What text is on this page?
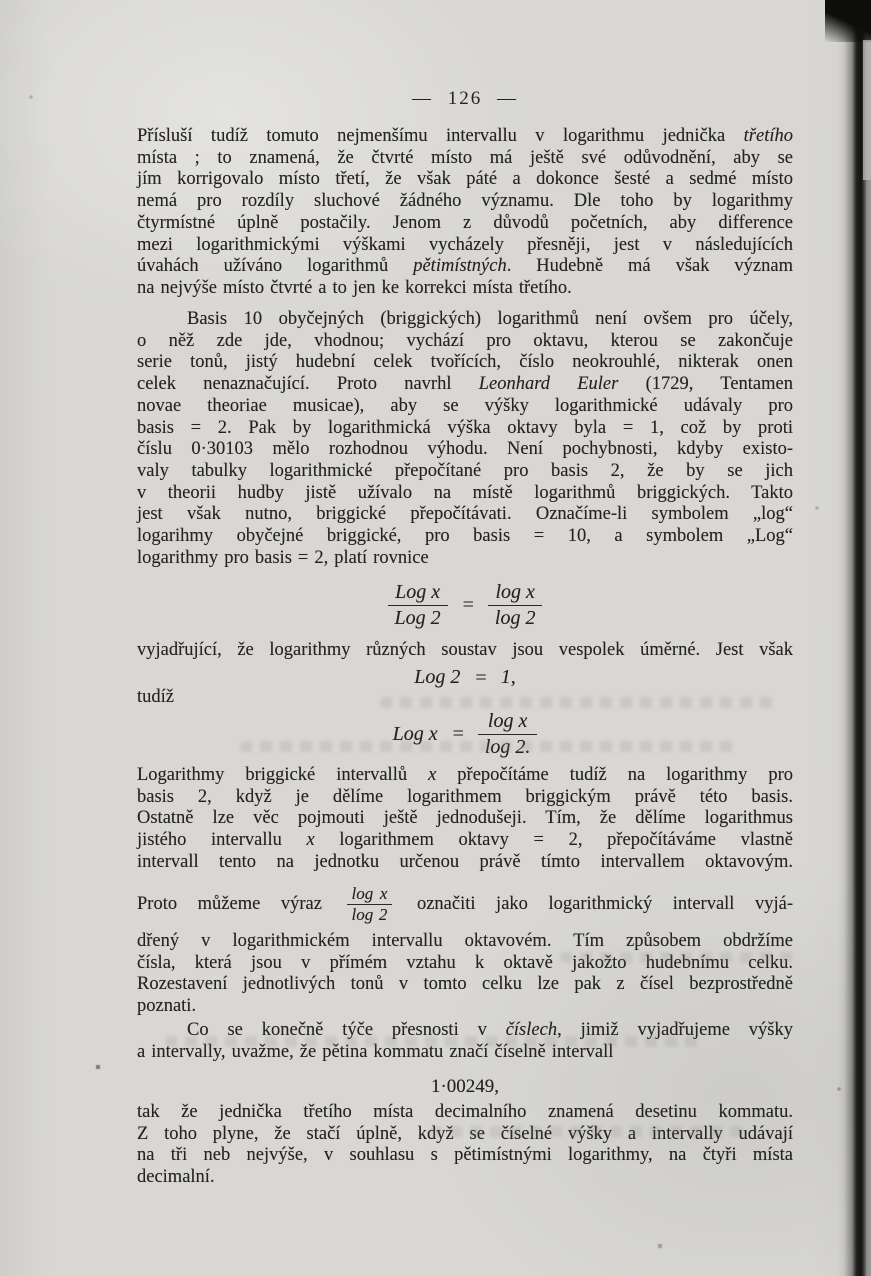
— 126 —
Přísluší tudíž tomuto nejmenšímu intervallu v logarithmu jednička třetího
místa ; to znamená, že čtvrté místo má ještě své odůvodnění, aby se
jím korrigovalo místo třetí, že však páté a dokonce šesté a sedmé místo
nemá pro rozdíly sluchové žádného významu. Dle toho by logarithmy
čtyrmístné úplně postačily. Jenom z důvodů početních, aby difference
mezi logarithmickými výškami vycházely přesněji, jest v následujících
úvahách užíváno logarithmů pětimístných. Hudebně má však význam
na nejvýše místo čtvrté a to jen ke korrekci místa třetího.
Basis 10 obyčejných (briggických) logarithmů není ovšem pro účely,
o něž zde jde, vhodnou; vychází pro oktavu, kterou se zakončuje
serie tonů, jistý hudební celek tvořících, číslo neokrouhlé, nikterak onen
celek nenaznačující. Proto navrhl Leonhard Euler (1729, Tentamen
novae theoriae musicae), aby se výšky logarithmické udávaly pro
basis = 2. Pak by logarithmická výška oktavy byla = 1, což by proti
číslu 0·30103 mělo rozhodnou výhodu. Není pochybnosti, kdyby existo-
valy tabulky logarithmické přepočítané pro basis 2, že by se jich
v theorii hudby jistě užívalo na místě logarithmů briggických. Takto
jest však nutno, briggické přepočítávati. Označíme-li symbolem „log“
logarihmy obyčejné briggické, pro basis = 10, a symbolem „Log“
logarithmy pro basis = 2, platí rovnice
$\frac{\text{Log x}}{\text{Log 2}} = \frac{\text{log x}}{\log 2}$
vyjadřující, že logarithmy různých soustav jsou vespolek úměrné. Jest však
Log 2 = 1,
tudíž
Log $x = \frac{\text{log x}}{\log 2.}$
Logarithmy briggické intervallů x přepočítáme tudíž na logarithmy pro
basis 2, když je dělíme logarithmem briggickým právě této basis.
Ostatně lze věc pojmouti ještě jednodušeji. Tím, že dělíme logarithmus
jistého intervallu x logarithmem oktavy = 2, přepočítáváme vlastně
intervall tento na jednotku určenou právě tímto intervallem oktavovým.
Proto můžeme výraz $\frac{\text{log x}}{\log 2}$ označiti jako logarithmický intervall vyjá-
dřený v logarithmickém intervallu oktavovém. Tím způsobem obdržíme
čísla, která jsou v přímém vztahu k oktavě jakožto hudebnímu celku.
Rozestavení jednotlivých tonů v tomto celku lze pak z čísel bezprostředně
poznati.
Co se konečně týče přesnosti v číslech, jimiž vyjadřujeme výšky
a intervally, uvažme, že pětina kommatu značí číselně intervall
1·00249,
tak že jednička třetího místa decimalního znamená desetinu kommatu.
Z toho plyne, že stačí úplně, když se číselné výšky a intervally udávají
na tři neb nejvýše, v souhlasu s pětimístnými logarithmy, na čtyři místa
decimalní.
